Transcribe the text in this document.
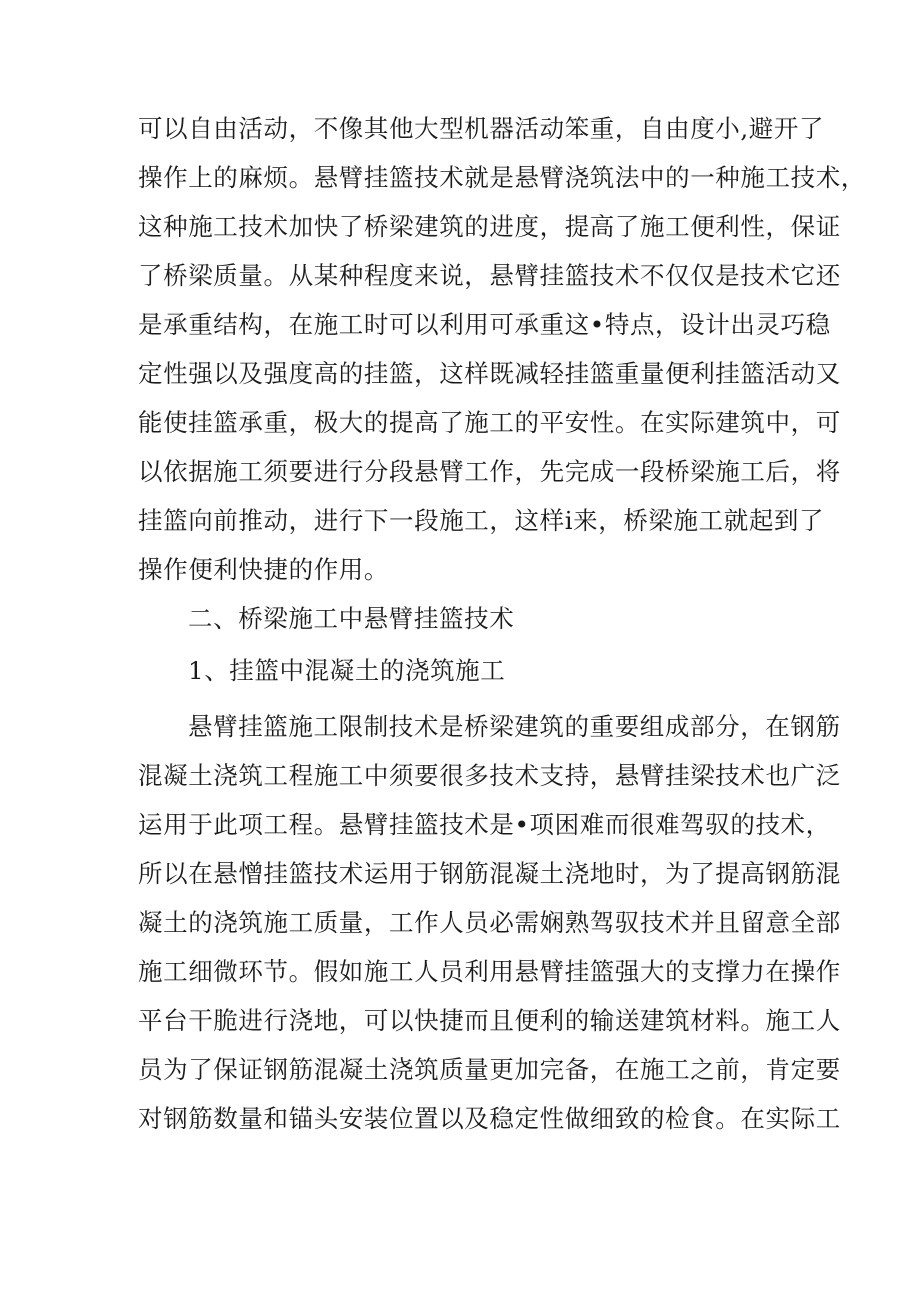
可以自由活动，不像其他大型机器活动笨重，自由度小,避开了
操作上的麻烦。悬臂挂篮技术就是悬臂浇筑法中的一种施工技术，
这种施工技术加快了桥梁建筑的进度，提高了施工便利性，保证
了桥梁质量。从某种程度来说，悬臂挂篮技术不仅仅是技术它还
是承重结构，在施工时可以利用可承重这•特点，设计出灵巧稳
定性强以及强度高的挂篮，这样既减轻挂篮重量便利挂篮活动又
能使挂篮承重，极大的提高了施工的平安性。在实际建筑中，可
以依据施工须要进行分段悬臂工作，先完成一段桥梁施工后，将
挂篮向前推动，进行下一段施工，这样i来，桥梁施工就起到了
操作便利快捷的作用。
二、桥梁施工中悬臂挂篮技术
1、挂篮中混凝土的浇筑施工
悬臂挂篮施工限制技术是桥梁建筑的重要组成部分，在钢筋
混凝土浇筑工程施工中须要很多技术支持，悬臂挂梁技术也广泛
运用于此项工程。悬臂挂篮技术是•项困难而很难驾驭的技术，
所以在悬憎挂篮技术运用于钢筋混凝土浇地时，为了提高钢筋混
凝土的浇筑施工质量，工作人员必需娴熟驾驭技术并且留意全部
施工细微环节。假如施工人员利用悬臂挂篮强大的支撑力在操作
平台干脆进行浇地，可以快捷而且便利的输送建筑材料。施工人
员为了保证钢筋混凝土浇筑质量更加完备，在施工之前，肯定要
对钢筋数量和锚头安装位置以及稳定性做细致的检食。在实际工
